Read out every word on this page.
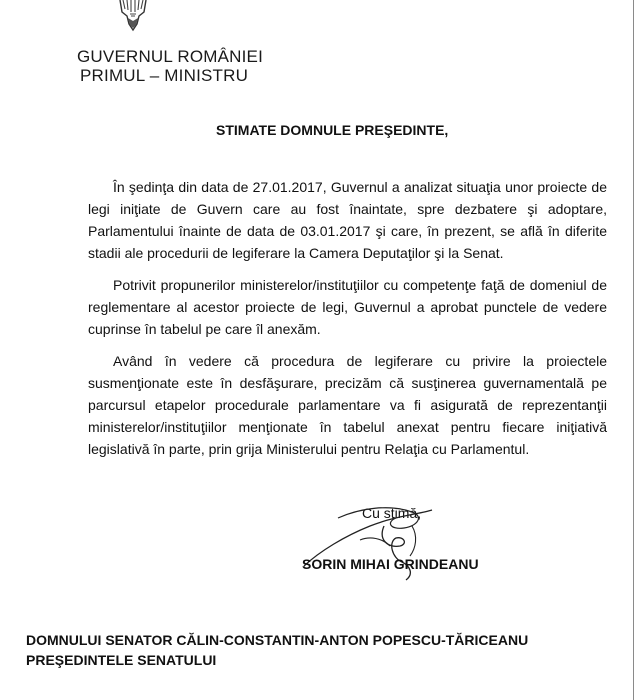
GUVERNUL ROMÂNIEI
PRIMUL – MINISTRU
STIMATE DOMNULE PREŞEDINTE,

În şedinţa din data de 27.01.2017, Guvernul a analizat situaţia unor proiecte de legi iniţiate de Guvern care au fost înaintate, spre dezbatere şi adoptare, Parlamentului înainte de data de 03.01.2017 şi care, în prezent, se află în diferite stadii ale procedurii de legiferare la Camera Deputaţilor şi la Senat.

Potrivit propunerilor ministerelor/instituţiilor cu competenţe faţă de domeniul de reglementare al acestor proiecte de legi, Guvernul a aprobat punctele de vedere cuprinse în tabelul pe care îl anexăm.

Având în vedere că procedura de legiferare cu privire la proiectele susmenţionate este în desfăşurare, precizăm că susţinerea guvernamentală pe parcursul etapelor procedurale parlamentare va fi asigurată de reprezentanţii ministerelor/instituţiilor menţionate în tabelul anexat pentru fiecare iniţiativă legislativă în parte, prin grija Ministerului pentru Relaţia cu Parlamentul.

Cu stimă,
SORIN MIHAI GRINDEANU
DOMNULUI SENATOR CĂLIN-CONSTANTIN-ANTON POPESCU-TĂRICEANU
PREŞEDINTELE SENATULUI
